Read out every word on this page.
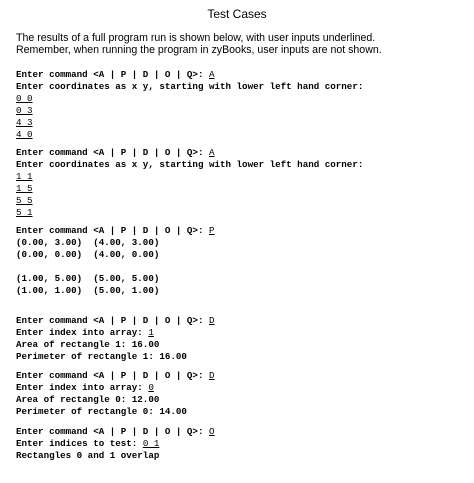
Test Cases
The results of a full program run is shown below, with user inputs underlined.
Remember, when running the program in zyBooks, user inputs are not shown.
Enter command <A | P | D | O | Q>: A
Enter coordinates as x y, starting with lower left hand corner:
0 0
0 3
4 3
4 0
Enter command <A | P | D | O | Q>: A
Enter coordinates as x y, starting with lower left hand corner:
1 1
1 5
5 5
5 1
Enter command <A | P | D | O | Q>: P
(0.00, 3.00)  (4.00, 3.00)
(0.00, 0.00)  (4.00, 0.00)

(1.00, 5.00)  (5.00, 5.00)
(1.00, 1.00)  (5.00, 1.00)
Enter command <A | P | D | O | Q>: D
Enter index into array: 1
Area of rectangle 1: 16.00
Perimeter of rectangle 1: 16.00
Enter command <A | P | D | O | Q>: D
Enter index into array: 0
Area of rectangle 0: 12.00
Perimeter of rectangle 0: 14.00
Enter command <A | P | D | O | Q>: O
Enter indices to test: 0 1
Rectangles 0 and 1 overlap
